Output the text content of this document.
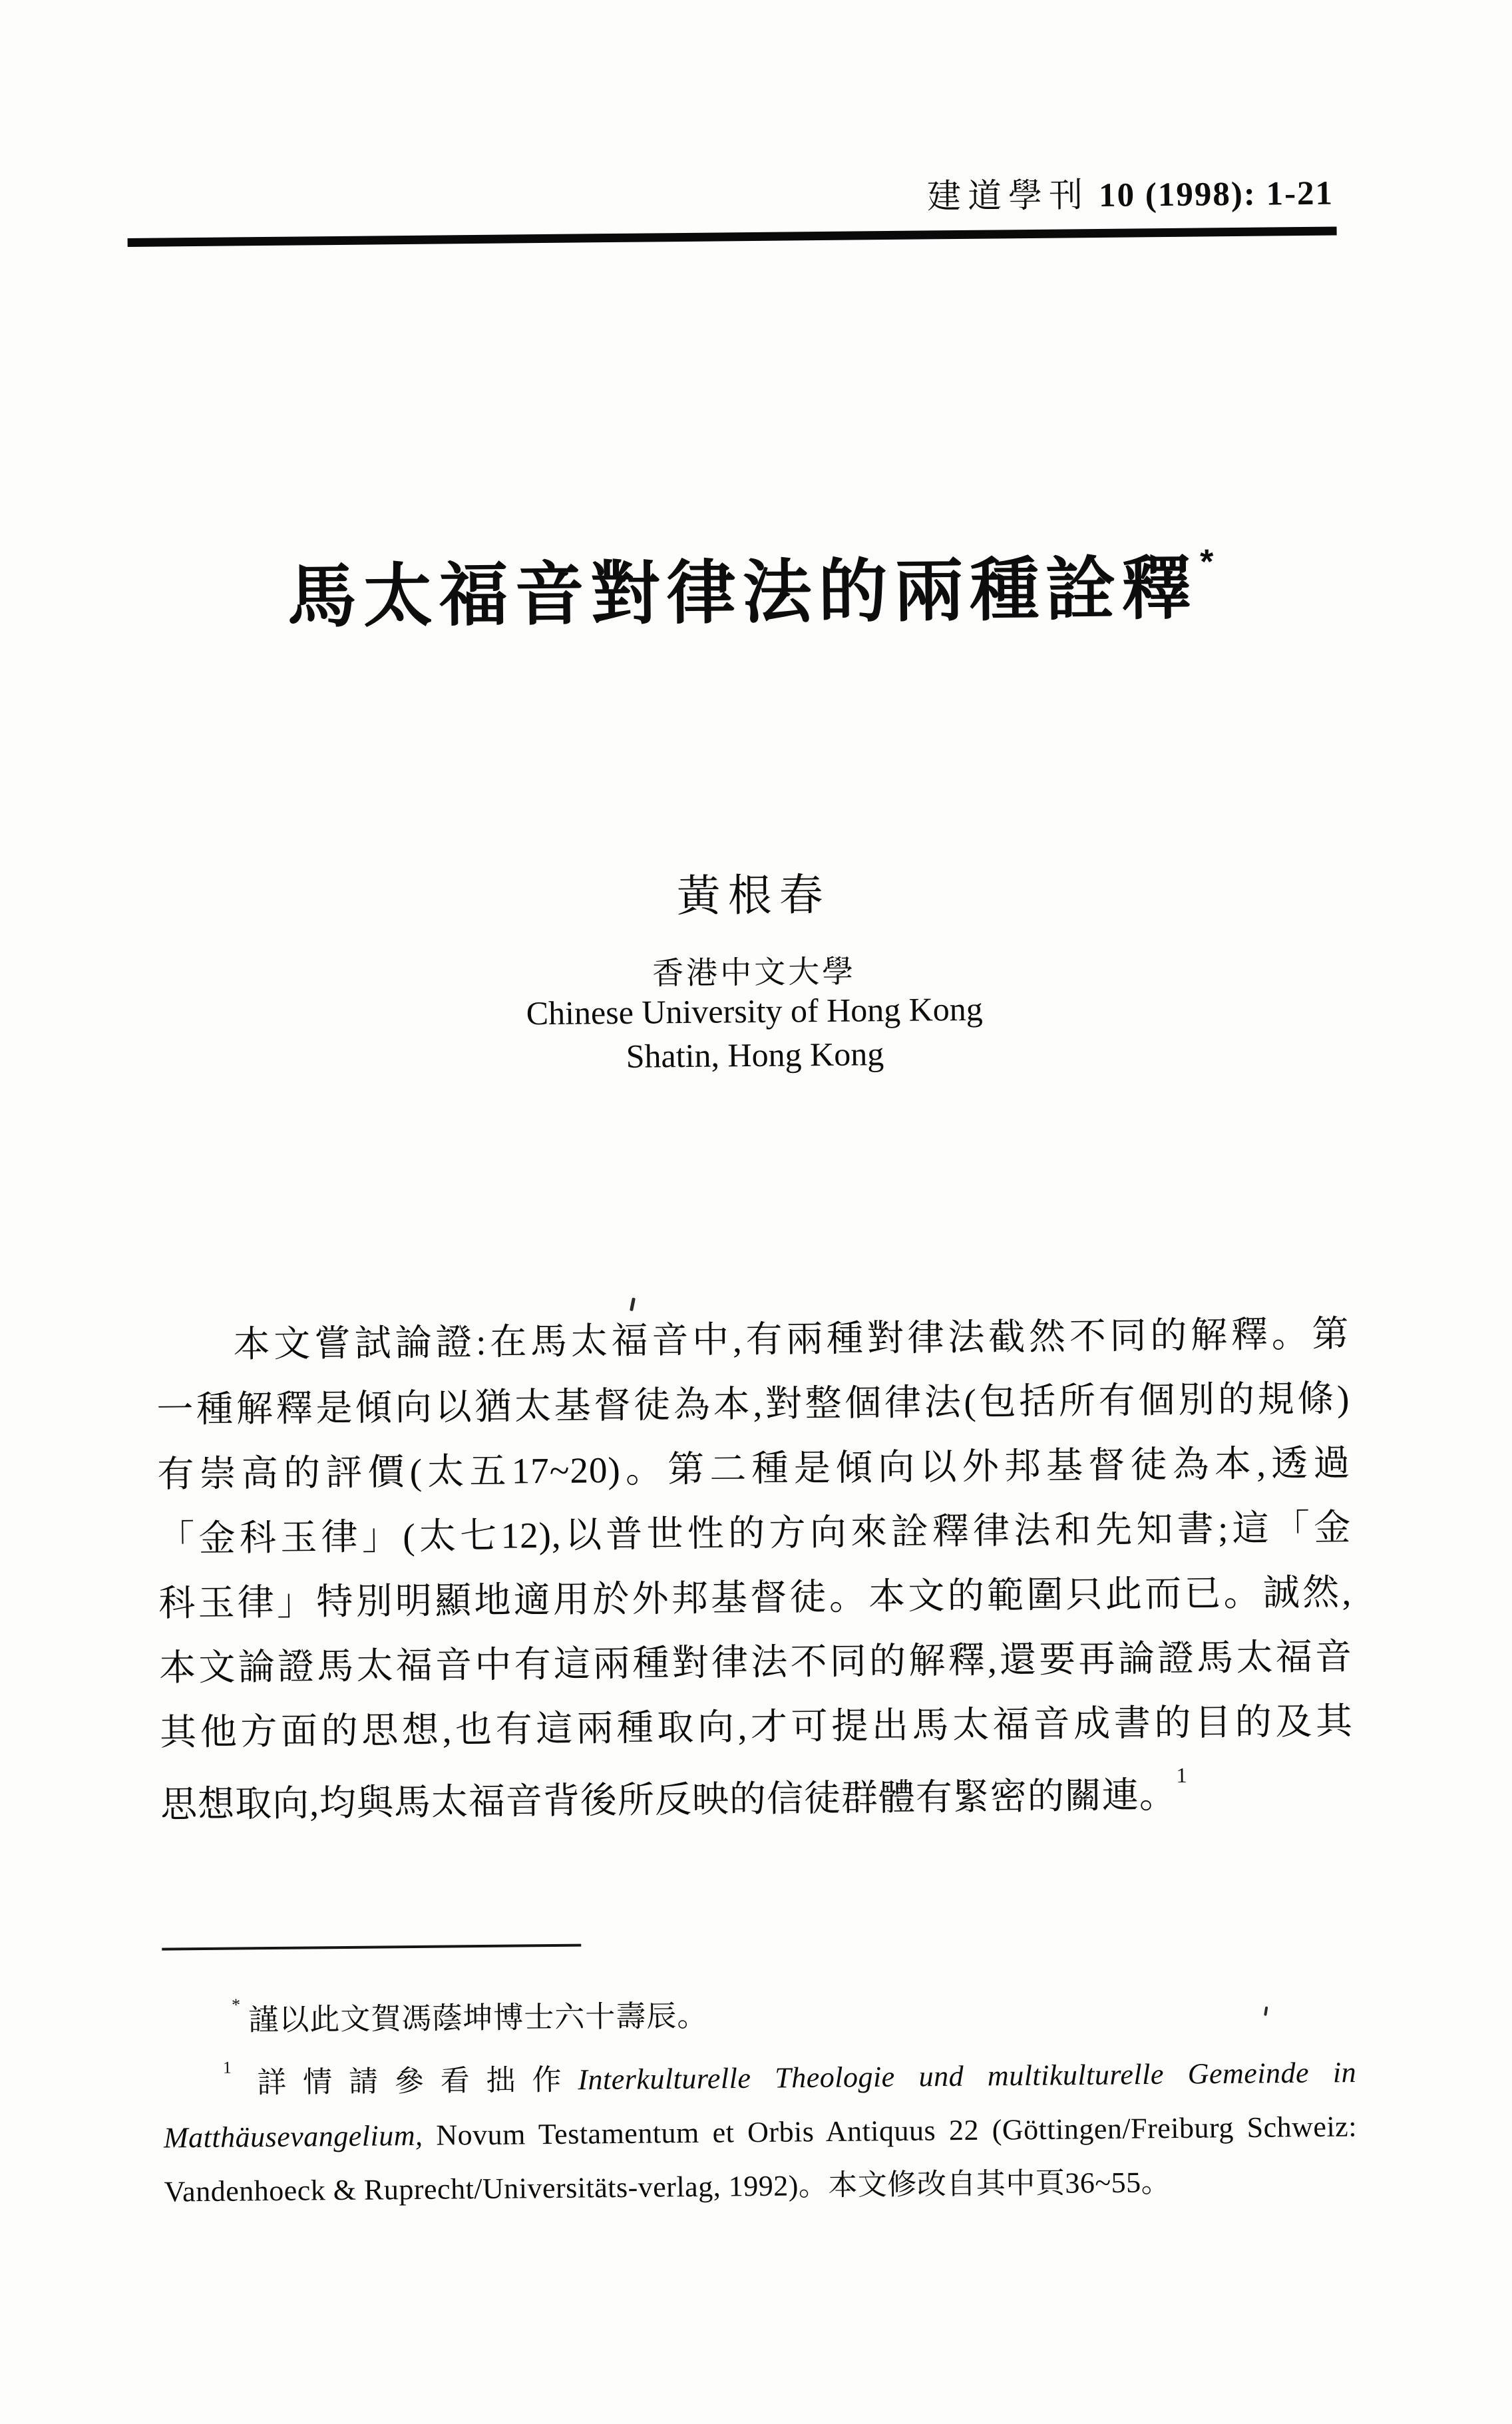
建道學刊 10 (1998): 1-21
馬太福音對律法的兩種詮釋*
黃根春
香港中文大學
Chinese University of Hong Kong
Shatin, Hong Kong
本文嘗試論證:在馬太福音中,有兩種對律法截然不同的解釋。第
一種解釋是傾向以猶太基督徒為本,對整個律法(包括所有個別的規條)
有崇高的評價(太五17~20)。第二種是傾向以外邦基督徒為本,透過
「金科玉律」(太七12),以普世性的方向來詮釋律法和先知書;這「金
科玉律」特別明顯地適用於外邦基督徒。本文的範圍只此而已。誠然,
本文論證馬太福音中有這兩種對律法不同的解釋,還要再論證馬太福音
其他方面的思想,也有這兩種取向,才可提出馬太福音成書的目的及其
思想取向,均與馬太福音背後所反映的信徒群體有緊密的關連。$^1$
* 謹以此文賀馮蔭坤博士六十壽辰。
$^1$ 詳情請參看拙作Interkulturelle Theologie und multikulturelle Gemeinde in
Matthäusevangelium, Novum Testamentum et Orbis Antiquus 22 (Göttingen/Freiburg Schweiz:
Vandenhoeck & Ruprecht/Universitäts-verlag, 1992)。本文修改自其中頁36~55。
